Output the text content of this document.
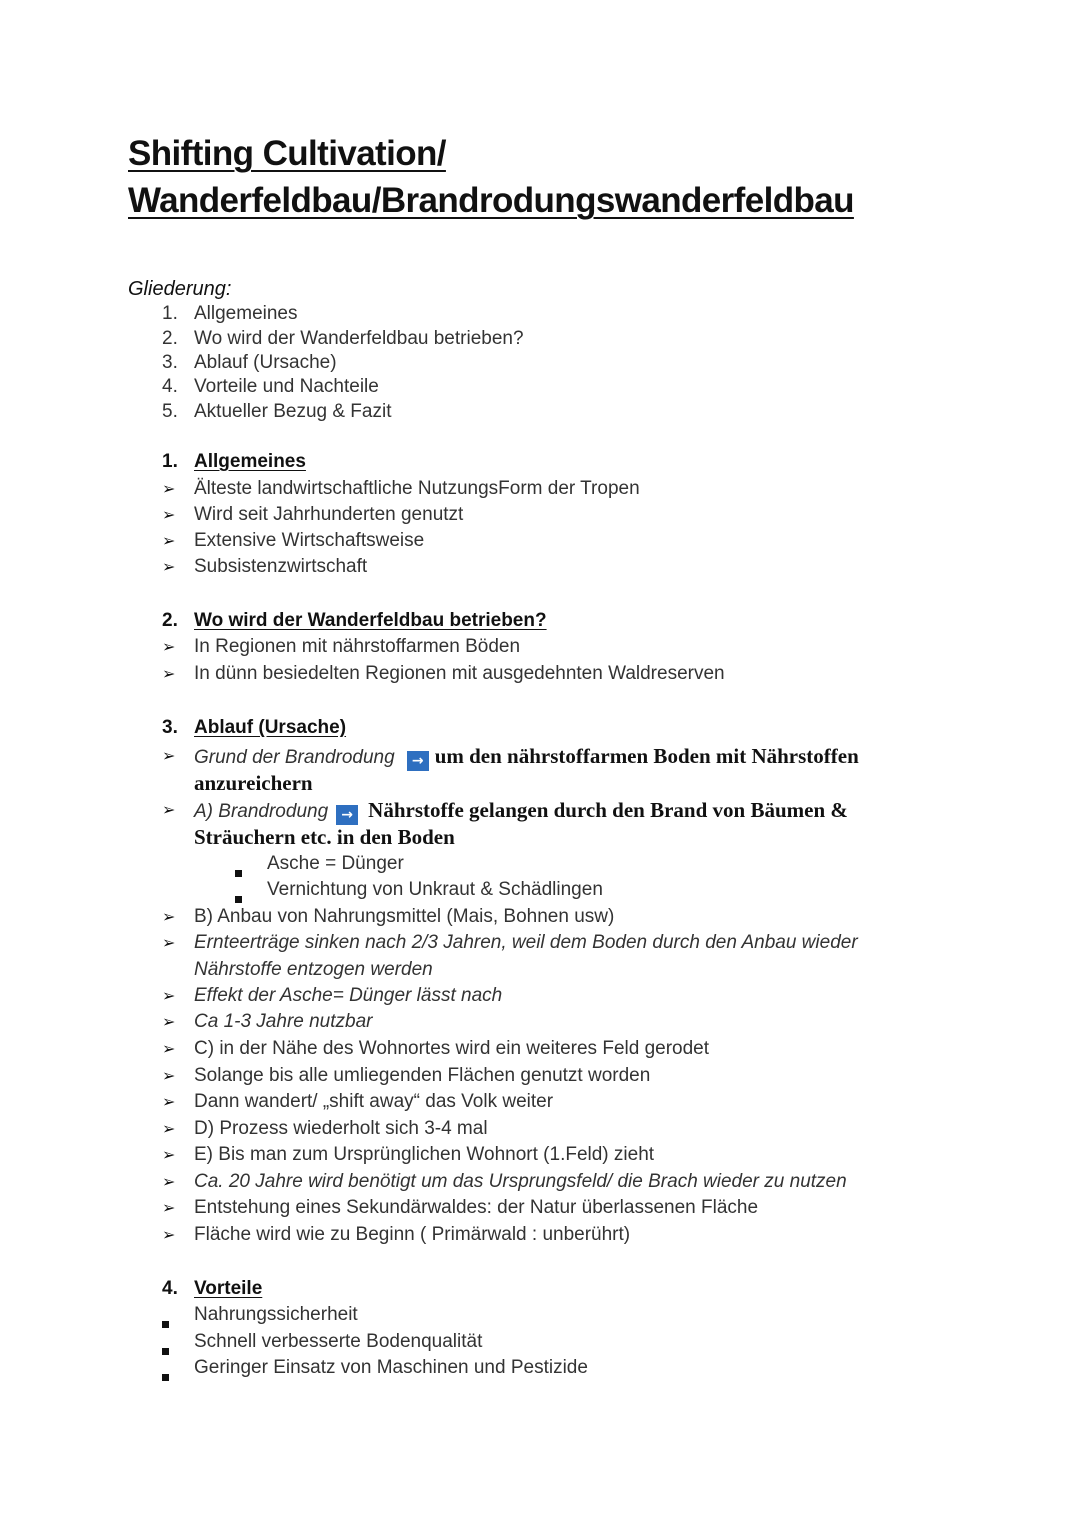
Shifting Cultivation/
Wanderfeldbau/Brandrodungswanderfeldbau
Gliederung:
1. Allgemeines
2. Wo wird der Wanderfeldbau betrieben?
3. Ablauf (Ursache)
4. Vorteile und Nachteile
5. Aktueller Bezug & Fazit
1. Allgemeines
➢ Älteste landwirtschaftliche NutzungsForm der Tropen
➢ Wird seit Jahrhunderten genutzt
➢ Extensive Wirtschaftsweise
➢ Subsistenzwirtschaft
2. Wo wird der Wanderfeldbau betrieben?
➢ In Regionen mit nährstoffarmen Böden
➢ In dünn besiedelten Regionen mit ausgedehnten Waldreserven
3. Ablauf (Ursache)
➢ Grund der Brandrodung → um den nährstoffarmen Boden mit Nährstoffen
anzureichern
➢ A) Brandrodung → Nährstoffe gelangen durch den Brand von Bäumen &
Sträuchern etc. in den Boden
Asche = Dünger
Vernichtung von Unkraut & Schädlingen
➢ B) Anbau von Nahrungsmittel (Mais, Bohnen usw)
➢ Ernteerträge sinken nach 2/3 Jahren, weil dem Boden durch den Anbau wieder
Nährstoffe entzogen werden
➢ Effekt der Asche= Dünger lässt nach
➢ Ca 1-3 Jahre nutzbar
➢ C) in der Nähe des Wohnortes wird ein weiteres Feld gerodet
➢ Solange bis alle umliegenden Flächen genutzt worden
➢ Dann wandert/ „shift away“ das Volk weiter
➢ D) Prozess wiederholt sich 3-4 mal
➢ E) Bis man zum Ursprünglichen Wohnort (1.Feld) zieht
➢ Ca. 20 Jahre wird benötigt um das Ursprungsfeld/ die Brach wieder zu nutzen
➢ Entstehung eines Sekundärwaldes: der Natur überlassenen Fläche
➢ Fläche wird wie zu Beginn ( Primärwald : unberührt)
4. Vorteile
Nahrungssicherheit
Schnell verbesserte Bodenqualität
Geringer Einsatz von Maschinen und Pestizide
